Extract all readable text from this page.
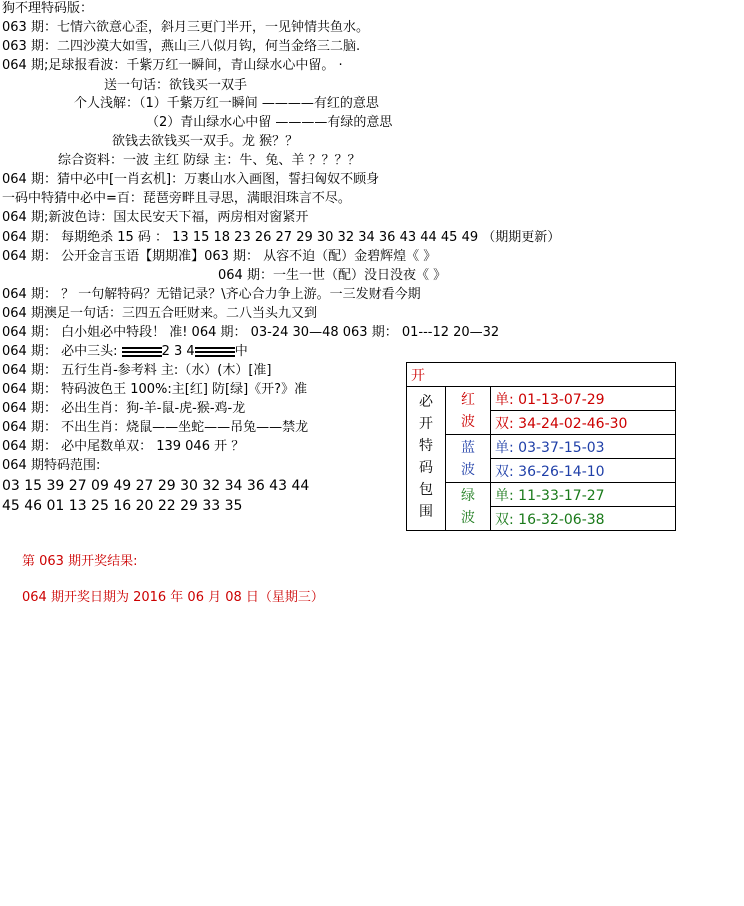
狗不理特码版：
063 期：七情六欲意心歪，斜月三更门半开，一见钟情共鱼水。
063 期：二四沙漠大如雪，燕山三八似月钩，何当金络三二脑.
064 期;足球报看波：千紫万红一瞬间，青山绿水心中留。 ·
送一句话：欲钱买一双手
个人浅解：（1）千紫万红一瞬间 ————有红的意思
（2）青山绿水心中留 ————有绿的意思
欲钱去欲钱买一双手。龙 猴？？
综合资料：一波 主红 防绿 主：牛、兔、羊 ？？？？
064 期：猜中必中[一肖玄机]：万裹山水入画图，誓扫匈奴不顾身
一码中特猜中必中=百：琵琶旁畔且寻思，满眼泪珠言不尽。
064 期;新波色诗：国太民安天下福，两房相对窗紧开
064 期： 每期绝杀 15 码 ： 13 15 18 23 26 27 29 30 32 34 36 43 44 45 49 （期期更新）
064 期： 公开金言玉语【期期准】063 期： 从容不迫（配）金碧辉煌《 》
064 期：一生一世（配）没日没夜《 》
064 期： ？ 一句解特码？无错记录？\齐心合力争上游。一三发财看今期
064 期澳足一句话：三四五合旺财来。二八当头九又到
064 期： 白小姐必中特段！ 准! 064 期： 03-24 30—48 063 期： 01---12 20—32
064 期： 必中三头:	2 3 4	中
064 期： 五行生肖-参考料 主:（水）(木）[准]
064 期： 特码波色王 100%:主[红] 防[绿]《开?》准
064 期： 必出生肖：狗-羊-鼠-虎-猴-鸡-龙
064 期： 不出生肖：烧鼠——坐蛇——吊兔——禁龙
064 期： 必中尾数单双： 139 046 开 ？
064 期特码范围:
03 15 39 27 09 49 27 29 30 32 34 36 43 44
45 46 01 13 25 16 20 22 29 33 35
开		

必开特码包围	红波	单: 01-13-07-29
		双: 34-24-02-46-30

	蓝波	单: 03-37-15-03
		双: 36-26-14-10

	绿波	单: 11-33-17-27
		双: 16-32-06-38
第 063 期开奖结果:
064 期开奖日期为 2016 年 06 月 08 日（星期三）
